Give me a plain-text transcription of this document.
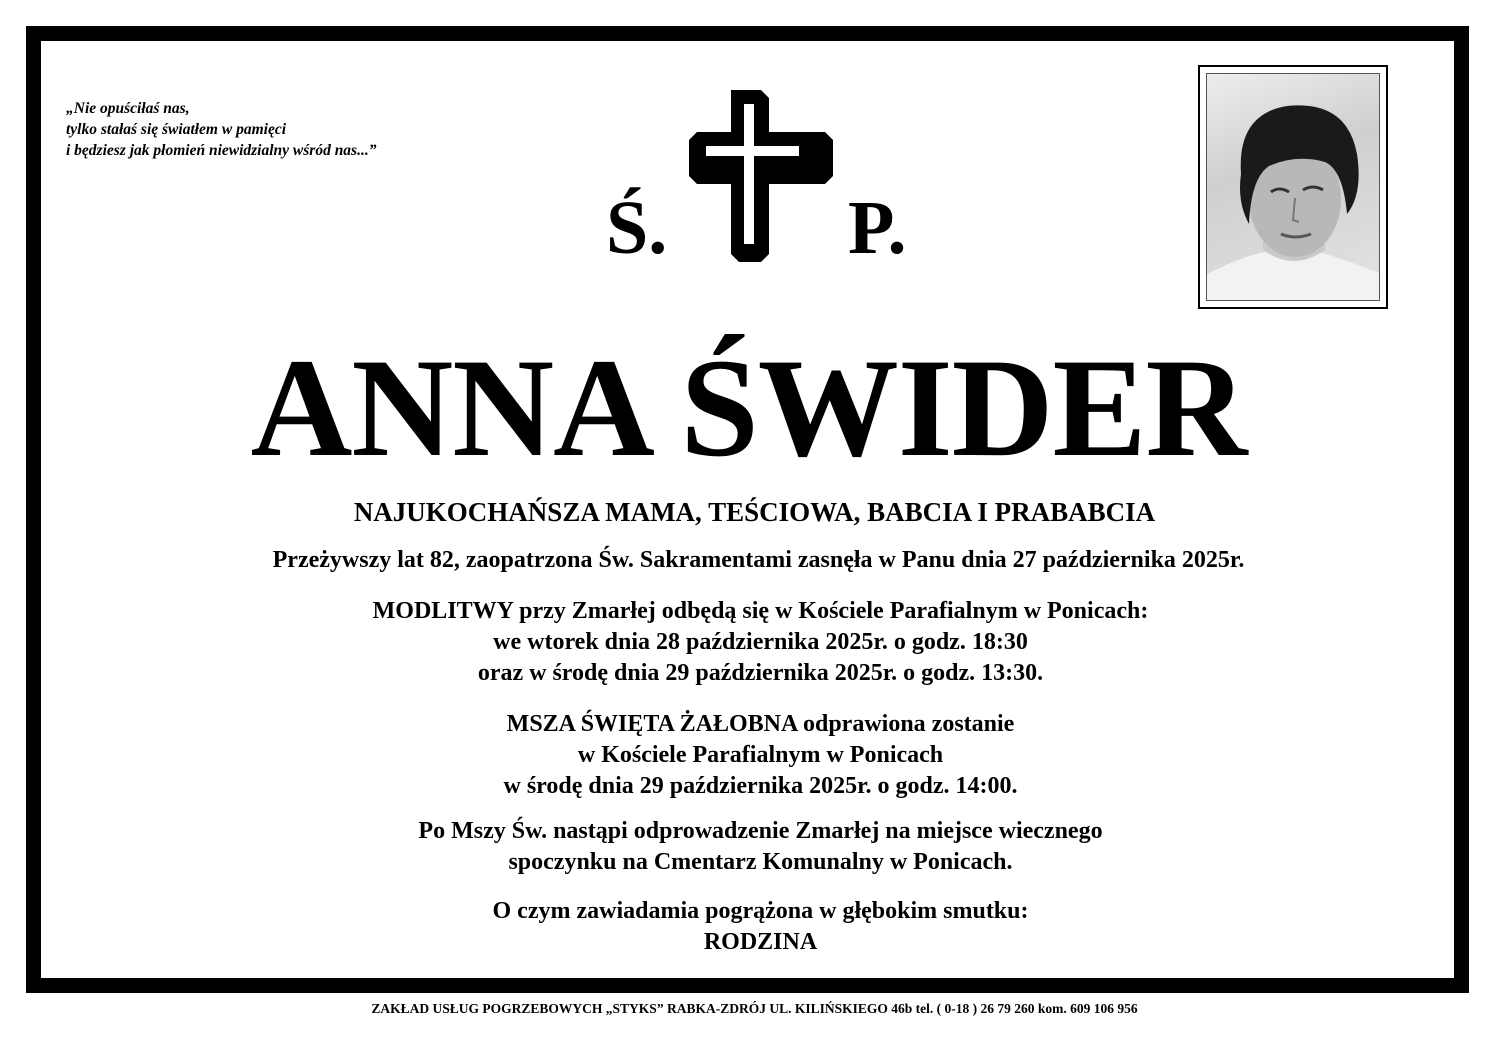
„Nie opuściłaś nas,
tylko stałaś się światłem w pamięci
i będziesz jak płomień niewidzialny wśród nas...”
Ś. P.
ANNA ŚWIDER
NAJUKOCHAŃSZA MAMA, TEŚCIOWA, BABCIA I PRABABCIA
Przeżywszy lat 82, zaopatrzona Św. Sakramentami zasnęła w Panu dnia 27 października 2025r.
MODLITWY przy Zmarłej odbędą się w Kościele Parafialnym w Ponicach:
we wtorek dnia 28 października 2025r. o godz. 18:30
oraz w środę dnia 29 października 2025r. o godz. 13:30.
MSZA ŚWIĘTA ŻAŁOBNA odprawiona zostanie
w Kościele Parafialnym w Ponicach
w środę dnia 29 października 2025r. o godz. 14:00.
Po Mszy Św. nastąpi odprowadzenie Zmarłej na miejsce wiecznego
spoczynku na Cmentarz Komunalny w Ponicach.
O czym zawiadamia pogrążona w głębokim smutku:
RODZINA
ZAKŁAD USŁUG POGRZEBOWYCH „STYKS” RABKA-ZDRÓJ UL. KILIŃSKIEGO 46b tel. ( 0-18 ) 26 79 260 kom. 609 106 956
